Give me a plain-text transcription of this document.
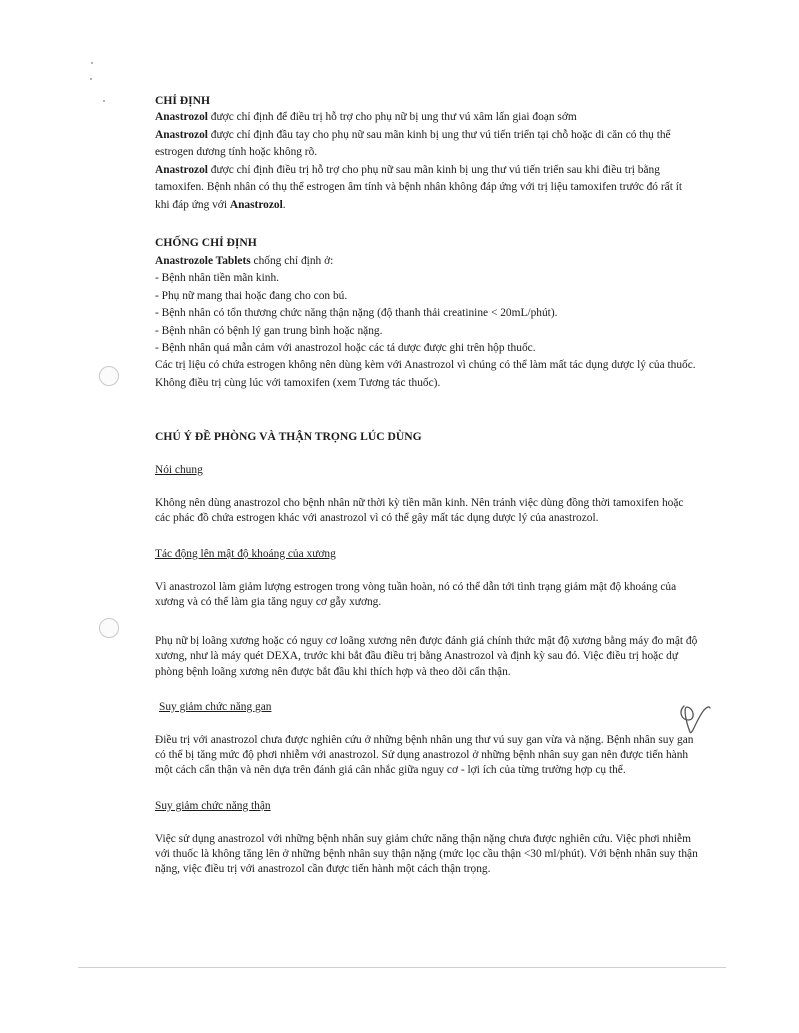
CHỈ ĐỊNH

Anastrozol được chỉ định để điều trị hỗ trợ cho phụ nữ bị ung thư vú xâm lấn giai đoạn sớm

Anastrozol được chỉ định đầu tay cho phụ nữ sau mãn kinh bị ung thư vú tiến triển tại chỗ hoặc di căn có thụ thể estrogen dương tính hoặc không rõ.

Anastrozol được chỉ định điều trị hỗ trợ cho phụ nữ sau mãn kinh bị ung thư vú tiến triển sau khi điều trị bằng tamoxifen. Bệnh nhân có thụ thể estrogen âm tính và bệnh nhân không đáp ứng với trị liệu tamoxifen trước đó rất ít khi đáp ứng với Anastrozol.

CHỐNG CHỈ ĐỊNH

Anastrozole Tablets chống chỉ định ở:

- Bệnh nhân tiền mãn kinh.

- Phụ nữ mang thai hoặc đang cho con bú.

- Bệnh nhân có tổn thương chức năng thận nặng (độ thanh thải creatinine < 20mL/phút).

- Bệnh nhân có bệnh lý gan trung bình hoặc nặng.

- Bệnh nhân quá mẫn cảm với anastrozol hoặc các tá dược được ghi trên hộp thuốc.

Các trị liệu có chứa estrogen không nên dùng kèm với Anastrozol vì chúng có thể làm mất tác dụng dược lý của thuốc.

Không điều trị cùng lúc với tamoxifen (xem Tương tác thuốc).

CHÚ Ý ĐỀ PHÒNG VÀ THẬN TRỌNG LÚC DÙNG
Nói chung

Không nên dùng anastrozol cho bệnh nhân nữ thời kỳ tiền mãn kinh. Nên tránh việc dùng đồng thời tamoxifen hoặc các phác đồ chứa estrogen khác với anastrozol vì có thể gây mất tác dụng dược lý của anastrozol.

Tác động lên mật độ khoáng của xương

Vì anastrozol làm giảm lượng estrogen trong vòng tuần hoàn, nó có thể dẫn tới tình trạng giảm mật độ khoáng của xương và có thể làm gia tăng nguy cơ gẫy xương.

Phụ nữ bị loãng xương hoặc có nguy cơ loãng xương nên được đánh giá chính thức mật độ xương bằng máy đo mật độ xương, như là máy quét DEXA, trước khi bắt đầu điều trị bằng Anastrozol và định kỳ sau đó. Việc điều trị hoặc dự phòng bệnh loãng xương nên được bắt đầu khi thích hợp và theo dõi cẩn thận.

Suy giảm chức năng gan

Điều trị với anastrozol chưa được nghiên cứu ở những bệnh nhân ung thư vú suy gan vừa và nặng. Bệnh nhân suy gan có thể bị tăng mức độ phơi nhiễm với anastrozol. Sử dụng anastrozol ở những bệnh nhân suy gan nên được tiến hành một cách cẩn thận và nên dựa trên đánh giá cân nhắc giữa nguy cơ - lợi ích của từng trường hợp cụ thể.

Suy giảm chức năng thận

Việc sử dụng anastrozol với những bệnh nhân suy giảm chức năng thận nặng chưa được nghiên cứu. Việc phơi nhiễm với thuốc là không tăng lên ở những bệnh nhân suy thận nặng (mức lọc cầu thận <30 ml/phút). Với bệnh nhân suy thận nặng, việc điều trị với anastrozol cần được tiến hành một cách thận trọng.
